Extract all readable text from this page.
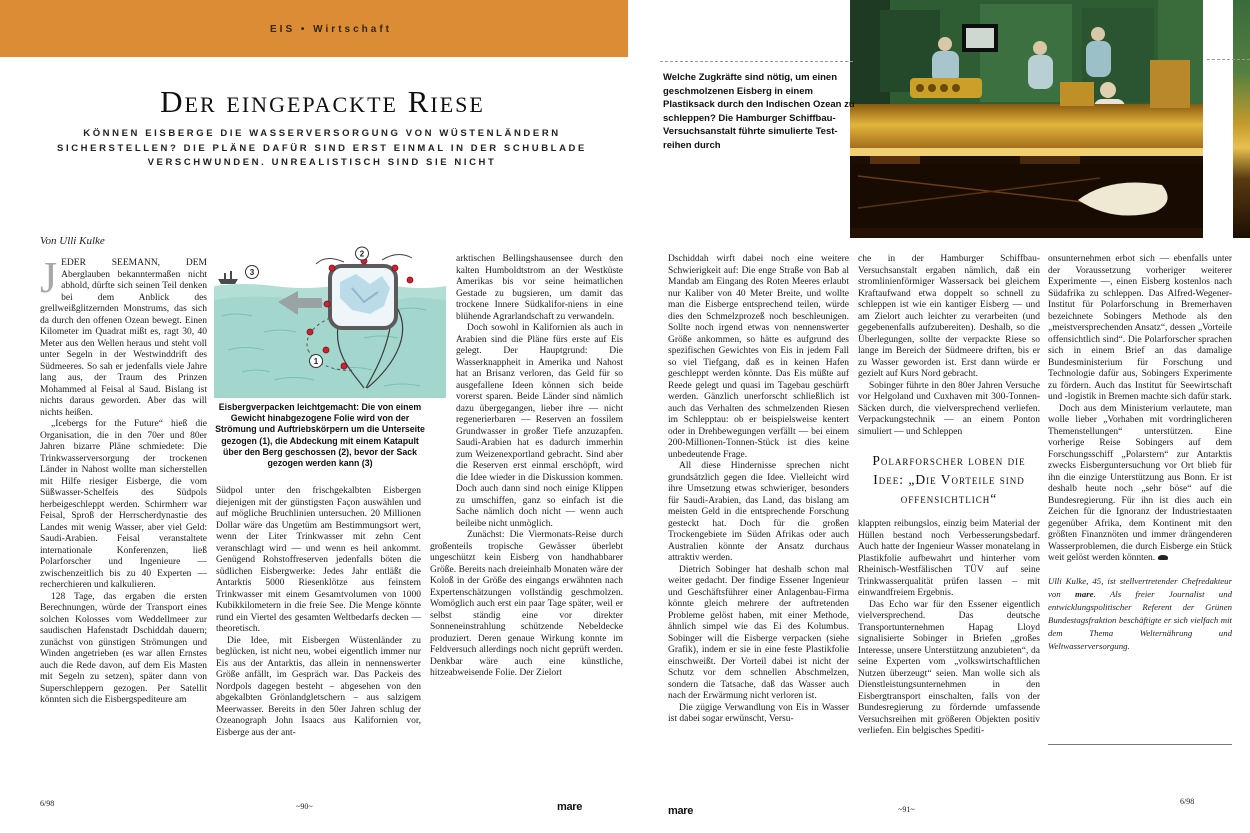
EIS • Wirtschaft
Der eingepackte Riese
KÖNNEN EISBERGE DIE WASSERVERSORGUNG VON WÜSTENLÄNDERN
SICHERSTELLEN? DIE PLÄNE DAFÜR SIND ERST EINMAL IN DER SCHUBLADE
VERSCHWUNDEN. UNREALISTISCH SIND SIE NICHT
Von Ulli Kulke
Welche Zugkräfte sind nötig, um einen geschmolzenen Eisberg in einem Plastiksack durch den Indischen Ozean zu schleppen? Die Hamburger Schiffbau-Versuchsanstalt führte simulierte Test-reihen durch
1
2
3
Eisbergverpacken leichtgemacht: Die von einem Gewicht hinabgezogene Folie wird von der Strömung und Auftriebskörpern um die Unterseite gezogen (1), die Abdeckung mit einem Katapult über den Berg geschossen (2), bevor der Sack gezogen werden kann (3)

JEDER SEEMANN, DEM Aberglauben bekanntermaßen nicht abhold, dürfte sich seinen Teil denken bei dem Anblick des grellweißglitzernden Monstrums, das sich da durch den offenen Ozean bewegt. Einen Kilometer im Quadrat mißt es, ragt 30, 40 Meter aus den Wellen heraus und steht voll unter Segeln in der Westwinddrift des Südmeeres. So sah er jedenfalls viele Jahre lang aus, der Traum des Prinzen Mohammed al Feisal al Saud. Bislang ist nichts daraus geworden. Aber das will nichts heißen.

„Icebergs for the Future“ hieß die Organisation, die in den 70er und 80er Jahren bizarre Pläne schmiedete: Die Trinkwasserversorgung der trockenen Länder in Nahost wollte man sicherstellen mit Hilfe riesiger Eisberge, die vom Süßwasser-Schelfeis des Südpols herbeigeschleppt werden. Schirmherr war Feisal, Sproß der Herrscherdynastie des Landes mit wenig Wasser, aber viel Geld: Saudi-Arabien. Feisal veranstaltete internationale Konferenzen, ließ Polarforscher und Ingenieure — zwischenzeitlich bis zu 40 Experten — recherchieren und kalkulieren.

128 Tage, das ergaben die ersten Berechnungen, würde der Transport eines solchen Kolosses vom Weddellmeer zur saudischen Hafenstadt Dschiddah dauern; zunächst von günstigen Strömungen und Winden angetrieben (es war allen Ernstes auch die Rede davon, auf dem Eis Masten mit Segeln zu setzen), später dann von Superschleppern gezogen. Per Satellit könnten sich die Eisbergspediteure am

Südpol unter den frischgekalbten Eisbergen diejenigen mit der günstigsten Façon auswählen und auf mögliche Bruchlinien untersuchen. 20 Millionen Dollar wäre das Ungetüm am Bestimmungsort wert, wenn der Liter Trinkwasser mit zehn Cent veranschlagt wird — und wenn es heil ankommt. Genügend Rohstoffreserven jedenfalls böten die südlichen Eisbergwerke: Jedes Jahr entläßt die Antarktis 5000 Riesenklötze aus feinstem Trinkwasser mit einem Gesamtvolumen von 1000 Kubikkilometern in die freie See. Die Menge könnte rund ein Viertel des gesamten Weltbedarfs decken — theoretisch.

Die Idee, mit Eisbergen Wüstenländer zu beglücken, ist nicht neu, wobei eigentlich immer nur Eis aus der Antarktis, das allein in nennenswerter Größe anfällt, im Gespräch war. Das Packeis des Nordpols dagegen besteht – abgesehen von den abgekalbten Grönlandgletschern – aus salzigem Meerwasser. Bereits in den 50er Jahren schlug der Ozeanograph John Isaacs aus Kalifornien vor, Eisberge aus der ant-

arktischen Bellingshausensee durch den kalten Humboldtstrom an der Westküste Amerikas bis vor seine heimatlichen Gestade zu bugsieren, um damit das trockene Innere Südkalifor-niens in eine blühende Agrarlandschaft zu verwandeln.

Doch sowohl in Kalifornien als auch in Arabien sind die Pläne fürs erste auf Eis gelegt. Der Hauptgrund: Die Wasserknappheit in Amerika und Nahost hat an Brisanz verloren, das Geld für so ausgefallene Ideen können sich beide vorerst sparen. Beide Länder sind nämlich dazu übergegangen, lieber ihre — nicht regenerierbaren — Reserven an fossilem Grundwasser in großer Tiefe anzuzapfen. Saudi-Arabien hat es dadurch immerhin zum Weizenexportland gebracht. Sind aber die Reserven erst einmal erschöpft, wird die Idee wieder in die Diskussion kommen. Doch auch dann sind noch einige Klippen zu umschiffen, ganz so einfach ist die Sache nämlich doch nicht — wenn auch beileibe nicht unmöglich.

Zunächst: Die Viermonats-Reise durch großenteils tropische Gewässer überlebt ungeschützt kein Eisberg von handhabbarer Größe. Bereits nach dreieinhalb Monaten wäre der Koloß in der Größe des eingangs erwähnten nach Expertenschätzungen vollständig geschmolzen. Womöglich auch erst ein paar Tage später, weil er selbst ständig eine vor direkter Sonneneinstrahlung schützende Nebeldecke produziert. Deren genaue Wirkung konnte im Feldversuch allerdings noch nicht geprüft werden. Denkbar wäre auch eine künstliche, hitzeabweisende Folie. Der Zielort

Dschiddah wirft dabei noch eine weitere Schwierigkeit auf: Die enge Straße von Bab al Mandab am Eingang des Roten Meeres erlaubt nur Kaliber von 40 Meter Breite, und wollte man die Eisberge entsprechend teilen, würde dies den Schmelzprozeß noch beschleunigen. Sollte noch irgend etwas von nennenswerter Größe ankommen, so hätte es aufgrund des spezifischen Gewichtes von Eis in jedem Fall so viel Tiefgang, daß es in keinen Hafen geschleppt werden könnte. Das Eis müßte auf Reede gelegt und quasi im Tagebau geschürft werden. Gänzlich unerforscht schließlich ist auch das Verhalten des schmelzenden Riesen im Schlepptau: ob er beispielsweise kentert oder in Drehbewegungen verfällt — bei einem 200-Millionen-Tonnen-Stück ist dies keine unbedeutende Frage.

All diese Hindernisse sprechen nicht grundsätzlich gegen die Idee. Vielleicht wird ihre Umsetzung etwas schwieriger, besonders für Saudi-Arabien, das Land, das bislang am meisten Geld in die entsprechende Forschung gesteckt hat. Doch für die großen Trockengebiete im Süden Afrikas oder auch Australien könnte der Ansatz durchaus attraktiv werden.

Dietrich Sobinger hat deshalb schon mal weiter gedacht. Der findige Essener Ingenieur und Geschäftsführer einer Anlagenbau-Firma könnte gleich mehrere der auftretenden Probleme gelöst haben, mit einer Methode, ähnlich simpel wie das Ei des Kolumbus. Sobinger will die Eisberge verpacken (siehe Grafik), indem er sie in eine feste Plastikfolie einschweißt. Der Vorteil dabei ist nicht der Schutz vor dem schnellen Abschmelzen, sondern die Tatsache, daß das Wasser auch nach der Erwärmung nicht verloren ist.

Die zügige Verwandlung von Eis in Wasser ist dabei sogar erwünscht, Versu-

che in der Hamburger Schiffbau-Versuchsanstalt ergaben nämlich, daß ein stromlinienförmiger Wassersack bei gleichem Kraftaufwand etwa doppelt so schnell zu schleppen ist wie ein kantiger Eisberg — und am Zielort auch leichter zu verarbeiten (und gegebenenfalls aufzubereiten). Deshalb, so die Überlegungen, sollte der verpackte Riese so lange im Bereich der Südmeere driften, bis er zu Wasser geworden ist. Erst dann würde er gezielt auf Kurs Nord gebracht.

Sobinger führte in den 80er Jahren Versuche vor Helgoland und Cuxhaven mit 300-Tonnen-Säcken durch, die vielversprechend verliefen. Verpackungstechnik — an einem Ponton simuliert — und Schleppen

Polarforscher loben die Idee: „Die Vorteile sind offensichtlich“

klappten reibungslos, einzig beim Material der Hüllen bestand noch Verbesserungsbedarf. Auch hatte der Ingenieur Wasser monatelang in Plastikfolie aufbewahrt und hinterher vom Rheinisch-Westfälischen TÜV auf seine Trinkwasserqualität prüfen lassen – mit einwandfreiem Ergebnis.

Das Echo war für den Essener eigentlich vielversprechend. Das deutsche Transportunternehmen Hapag Lloyd signalisierte Sobinger in Briefen „großes Interesse, unsere Unterstützung anzubieten“, da seine Experten vom „volkswirtschaftlichen Nutzen überzeugt“ seien. Man wolle sich als Dienstleistungsunternehmen in den Eisbergtransport einschalten, falls von der Bundesregierung zu fördernde umfassende Versuchsreihen mit größeren Objekten positiv verliefen. Ein belgisches Spediti-

onsunternehmen erbot sich — ebenfalls unter der Voraussetzung vorheriger weiterer Experimente —, einen Eisberg kostenlos nach Südafrika zu schleppen. Das Alfred-Wegener-Institut für Polarforschung in Bremerhaven bezeichnete Sobingers Methode als den „meistversprechenden Ansatz“, dessen „Vorteile offensichtlich sind“. Die Polarforscher sprachen sich in einem Brief an das damalige Bundesministerium für Forschung und Technologie dafür aus, Sobingers Experimente zu fördern. Auch das Institut für Seewirtschaft und -logistik in Bremen machte sich dafür stark.

Doch aus dem Ministerium verlautete, man wolle lieber „Vorhaben mit vordringlicheren Themenstellungen“ unterstützen. Eine vorherige Reise Sobingers auf dem Forschungsschiff „Polarstern“ zur Antarktis zwecks Eisberguntersuchung vor Ort blieb für ihn die einzige Unterstützung aus Bonn. Er ist deshalb heute noch „sehr böse“ auf die Bundesregierung. Für ihn ist dies auch ein Zeichen für die Ignoranz der Industriestaaten gegenüber Afrika, dem Kontinent mit den größten Finanznöten und immer drängenderen Wasserproblemen, die durch Eisberge ein Stück weit gelöst werden könnten.

Ulli Kulke, 45, ist stellvertretender Chefredakteur von mare. Als freier Journalist und entwicklungspolitischer Referent der Grünen Bundestagsfraktion beschäftigte er sich vielfach mit dem Thema Welternährung und Weltwasserversorgung.

6/98	~90~	mare	mare	~91~
6/98
